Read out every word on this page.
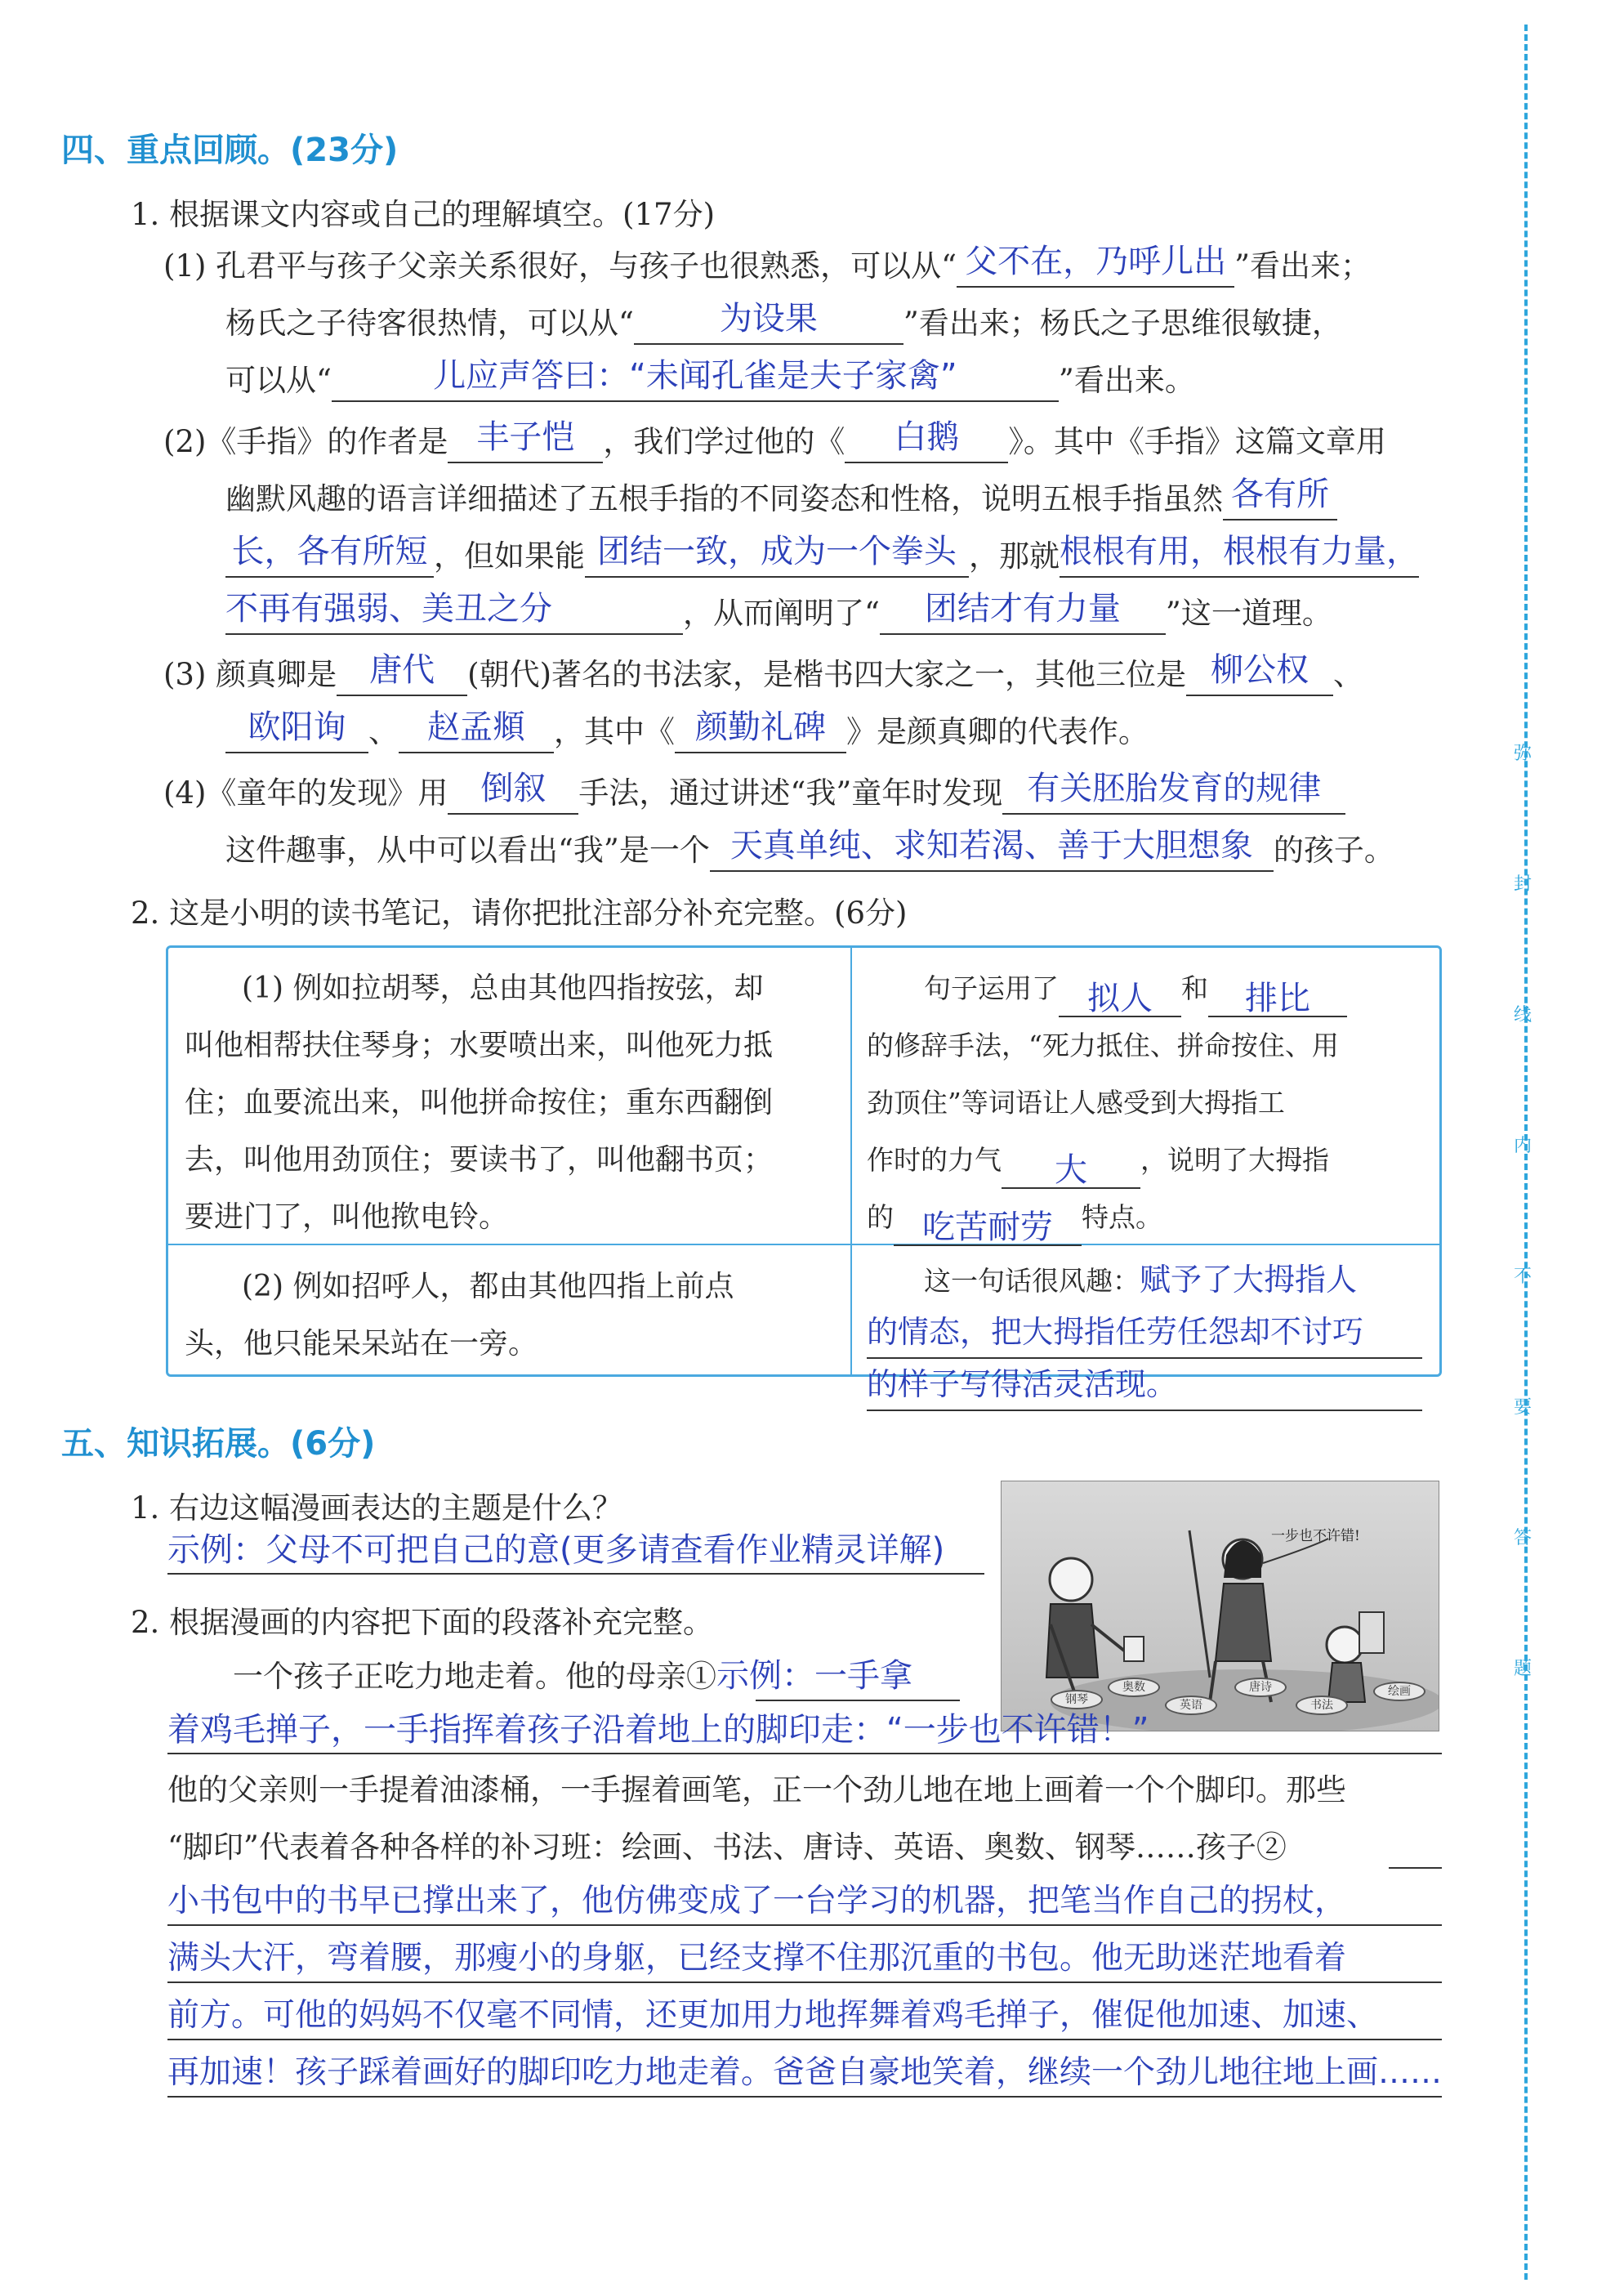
弥
封
线
内
不
要
答
题
四、重点回顾。(23分)
1. 根据课文内容或自己的理解填空。(17分)
(1) 孔君平与孩子父亲关系很好，与孩子也很熟悉，可以从“ 父不在，乃呼儿出 ”看出来；
杨氏之子待客很热情，可以从“	为设果	”看出来；杨氏之子思维很敏捷，
可以从“	儿应声答曰：“未闻孔雀是夫子家禽”	”看出来。
(2)《手指》的作者是 丰子恺 ，我们学过他的《 白鹅 》。其中《手指》这篇文章用
幽默风趣的语言详细描述了五根手指的不同姿态和性格，说明五根手指虽然 各有所
长，各有所短 ，但如果能 团结一致，成为一个拳头 ，那就根根有用，根根有力量，
不再有强弱、美丑之分	，从而阐明了“ 团结才有力量 ”这一道理。
(3) 颜真卿是 唐代 (朝代)著名的书法家，是楷书四大家之一，其他三位是 柳公权 、
欧阳询 、 赵孟頫 ，其中《 颜勤礼碑 》是颜真卿的代表作。
(4)《童年的发现》用 倒叙 手法，通过讲述“我”童年时发现 有关胚胎发育的规律
这件趣事，从中可以看出“我”是一个 天真单纯、求知若渴、善于大胆想象 的孩子。
2. 这是小明的读书笔记，请你把批注部分补充完整。(6分)
(1) 例如拉胡琴，总由其他四指按弦，却
叫他相帮扶住琴身；水要喷出来，叫他死力抵
住；血要流出来，叫他拼命按住；重东西翻倒
去，叫他用劲顶住；要读书了，叫他翻书页；
要进门了，叫他揿电铃。
句子运用了 拟人 和 排比
的修辞手法，“死力抵住、拼命按住、用
劲顶住”等词语让人感受到大拇指工
作时的力气 大 ，说明了大拇指
的 吃苦耐劳 特点。
(2) 例如招呼人，都由其他四指上前点
头，他只能呆呆站在一旁。
这一句话很风趣：赋予了大拇指人
的情态，把大拇指任劳任怨却不讨巧
的样子写得活灵活现。
五、知识拓展。(6分)
1. 右边这幅漫画表达的主题是什么？
示例：父母不可把自己的意(更多请查看作业精灵详解)
2. 根据漫画的内容把下面的段落补充完整。
一步也不许错!
钢琴
奥数
英语
唐诗
书法
绘画
一个孩子正吃力地走着。他的母亲①示例：一手拿
着鸡毛掸子，一手指挥着孩子沿着地上的脚印走：“一步也不许错！”
他的父亲则一手提着油漆桶，一手握着画笔，正一个劲儿地在地上画着一个个脚印。那些
“脚印”代表着各种各样的补习班：绘画、书法、唐诗、英语、奥数、钢琴……孩子②
小书包中的书早已撑出来了，他仿佛变成了一台学习的机器，把笔当作自己的拐杖，
满头大汗，弯着腰，那瘦小的身躯，已经支撑不住那沉重的书包。他无助迷茫地看着
前方。可他的妈妈不仅毫不同情，还更加用力地挥舞着鸡毛掸子，催促他加速、加速、
再加速！孩子踩着画好的脚印吃力地走着。爸爸自豪地笑着，继续一个劲儿地往地上画……
